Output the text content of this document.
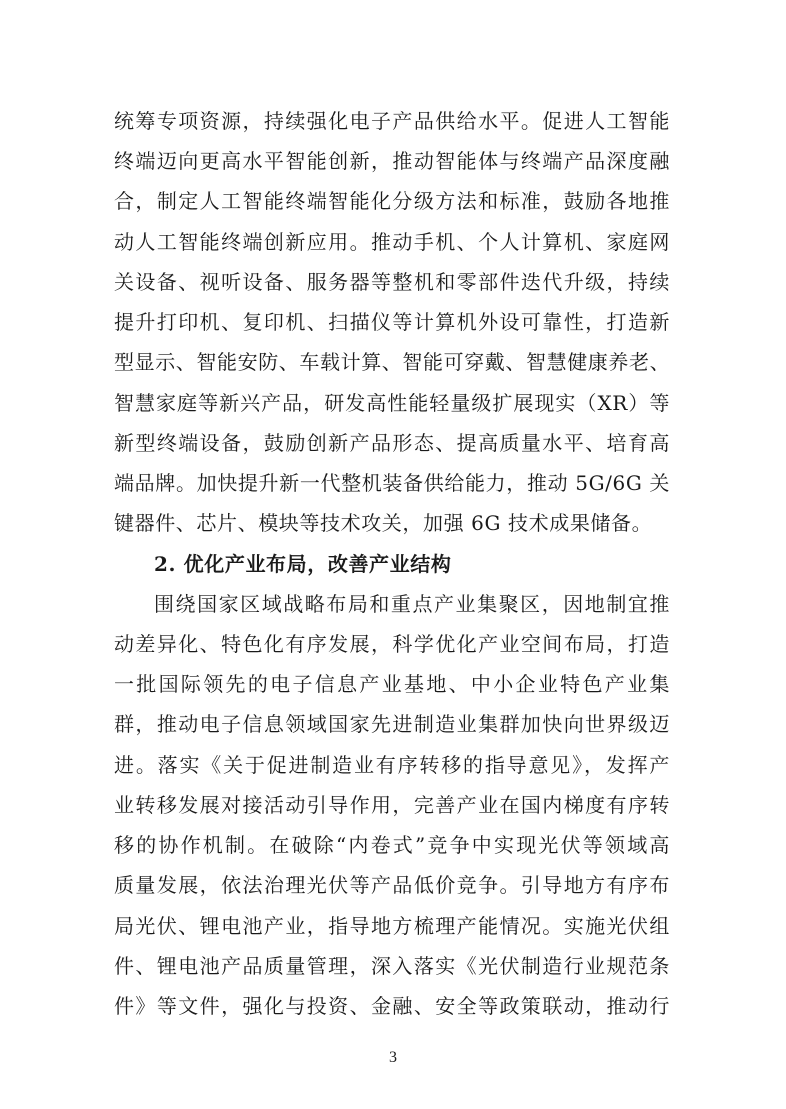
统筹专项资源，持续强化电子产品供给水平。促进人工智能
终端迈向更高水平智能创新，推动智能体与终端产品深度融
合，制定人工智能终端智能化分级方法和标准，鼓励各地推
动人工智能终端创新应用。推动手机、个人计算机、家庭网
关设备、视听设备、服务器等整机和零部件迭代升级，持续
提升打印机、复印机、扫描仪等计算机外设可靠性，打造新
型显示、智能安防、车载计算、智能可穿戴、智慧健康养老、
智慧家庭等新兴产品，研发高性能轻量级扩展现实（XR）等
新型终端设备，鼓励创新产品形态、提高质量水平、培育高
端品牌。加快提升新一代整机装备供给能力，推动 5G/6G 关
键器件、芯片、模块等技术攻关，加强 6G 技术成果储备。
2. 优化产业布局，改善产业结构
围绕国家区域战略布局和重点产业集聚区，因地制宜推
动差异化、特色化有序发展，科学优化产业空间布局，打造
一批国际领先的电子信息产业基地、中小企业特色产业集
群，推动电子信息领域国家先进制造业集群加快向世界级迈
进。落实《关于促进制造业有序转移的指导意见》，发挥产
业转移发展对接活动引导作用，完善产业在国内梯度有序转
移的协作机制。在破除“内卷式”竞争中实现光伏等领域高
质量发展，依法治理光伏等产品低价竞争。引导地方有序布
局光伏、锂电池产业，指导地方梳理产能情况。实施光伏组
件、锂电池产品质量管理，深入落实《光伏制造行业规范条
件》等文件，强化与投资、金融、安全等政策联动，推动行
3
